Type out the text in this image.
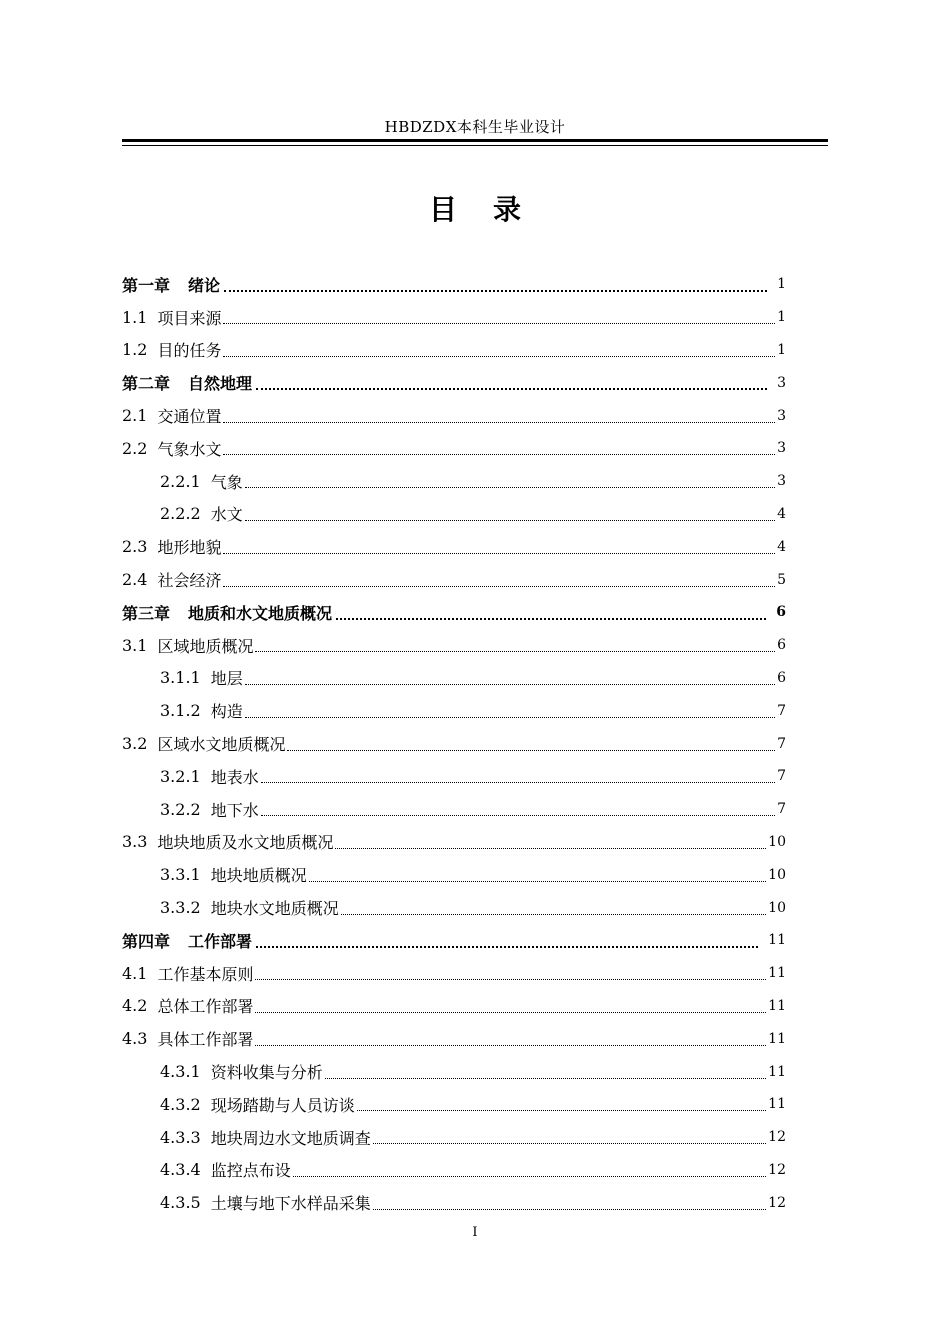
HBDZDX本科生毕业设计
目录
第一章 绪论	1
1.1 项目来源	1
1.2 目的任务	1
第二章 自然地理	3
2.1 交通位置	3
2.2 气象水文	3
2.2.1 气象	3
2.2.2 水文	4
2.3 地形地貌	4
2.4 社会经济	5
第三章 地质和水文地质概况	6
3.1 区域地质概况	6
3.1.1 地层	6
3.1.2 构造	7
3.2 区域水文地质概况	7
3.2.1 地表水	7
3.2.2 地下水	7
3.3 地块地质及水文地质概况	10
3.3.1 地块地质概况	10
3.3.2 地块水文地质概况	10
第四章 工作部署	11
4.1 工作基本原则	11
4.2 总体工作部署	11
4.3 具体工作部署	11
4.3.1 资料收集与分析	11
4.3.2 现场踏勘与人员访谈	11
4.3.3 地块周边水文地质调查	12
4.3.4 监控点布设	12
4.3.5 土壤与地下水样品采集	12
I
